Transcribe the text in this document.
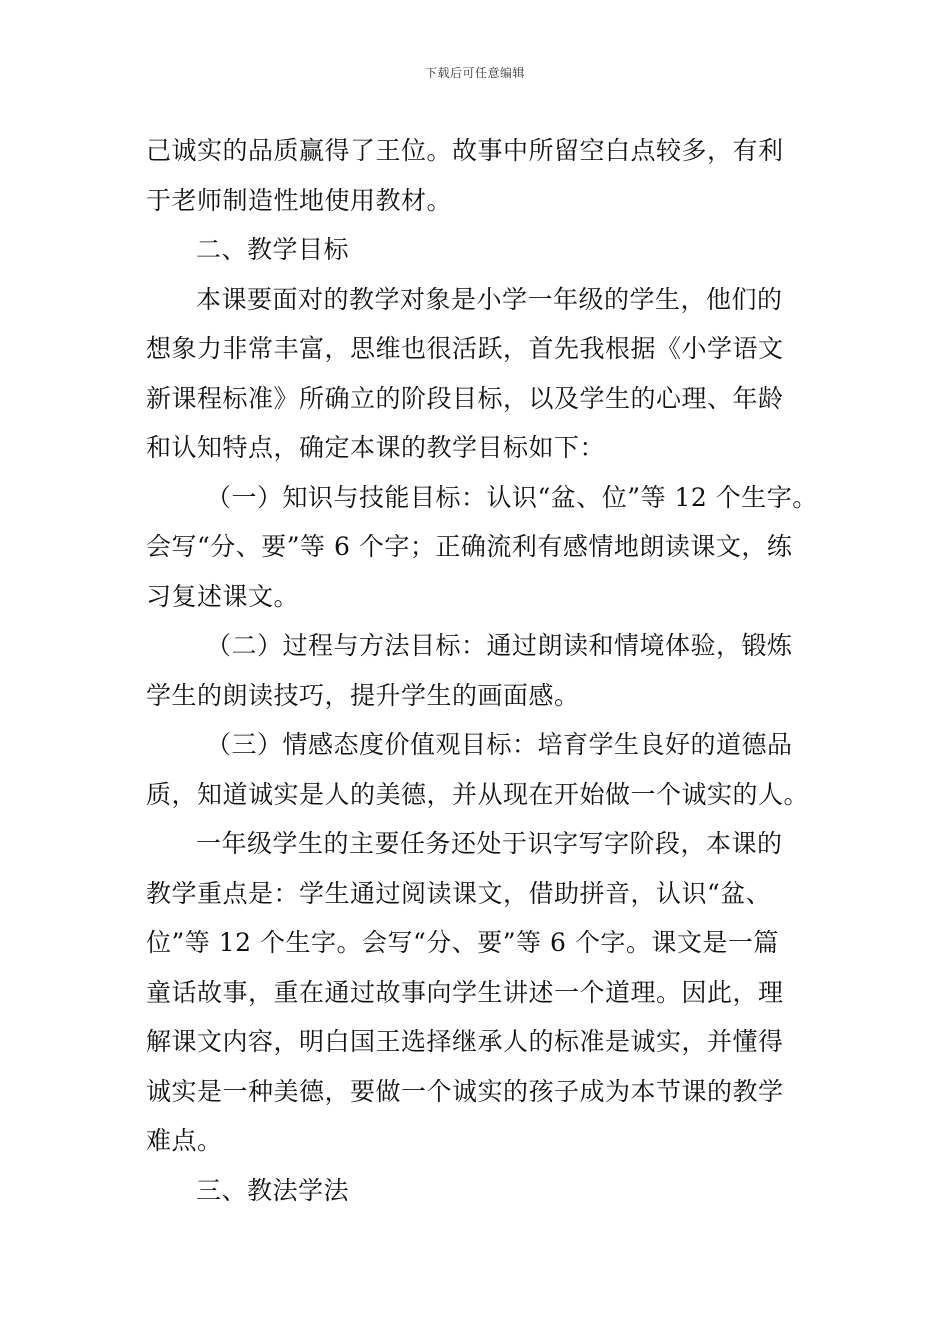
下载后可任意编辑
己诚实的品质赢得了王位。故事中所留空白点较多，有利
于老师制造性地使用教材。
二、教学目标
本课要面对的教学对象是小学一年级的学生，他们的
想象力非常丰富，思维也很活跃，首先我根据《小学语文
新课程标准》所确立的阶段目标，以及学生的心理、年龄
和认知特点，确定本课的教学目标如下：
（一）知识与技能目标：认识“盆、位”等 12 个生字。
会写“分、要”等 6 个字；正确流利有感情地朗读课文，练
习复述课文。
（二）过程与方法目标：通过朗读和情境体验，锻炼
学生的朗读技巧，提升学生的画面感。
（三）情感态度价值观目标：培育学生良好的道德品
质，知道诚实是人的美德，并从现在开始做一个诚实的人。
一年级学生的主要任务还处于识字写字阶段，本课的
教学重点是：学生通过阅读课文，借助拼音，认识“盆、
位”等 12 个生字。会写“分、要”等 6 个字。课文是一篇
童话故事，重在通过故事向学生讲述一个道理。因此，理
解课文内容，明白国王选择继承人的标准是诚实，并懂得
诚实是一种美德，要做一个诚实的孩子成为本节课的教学
难点。
三、教法学法
